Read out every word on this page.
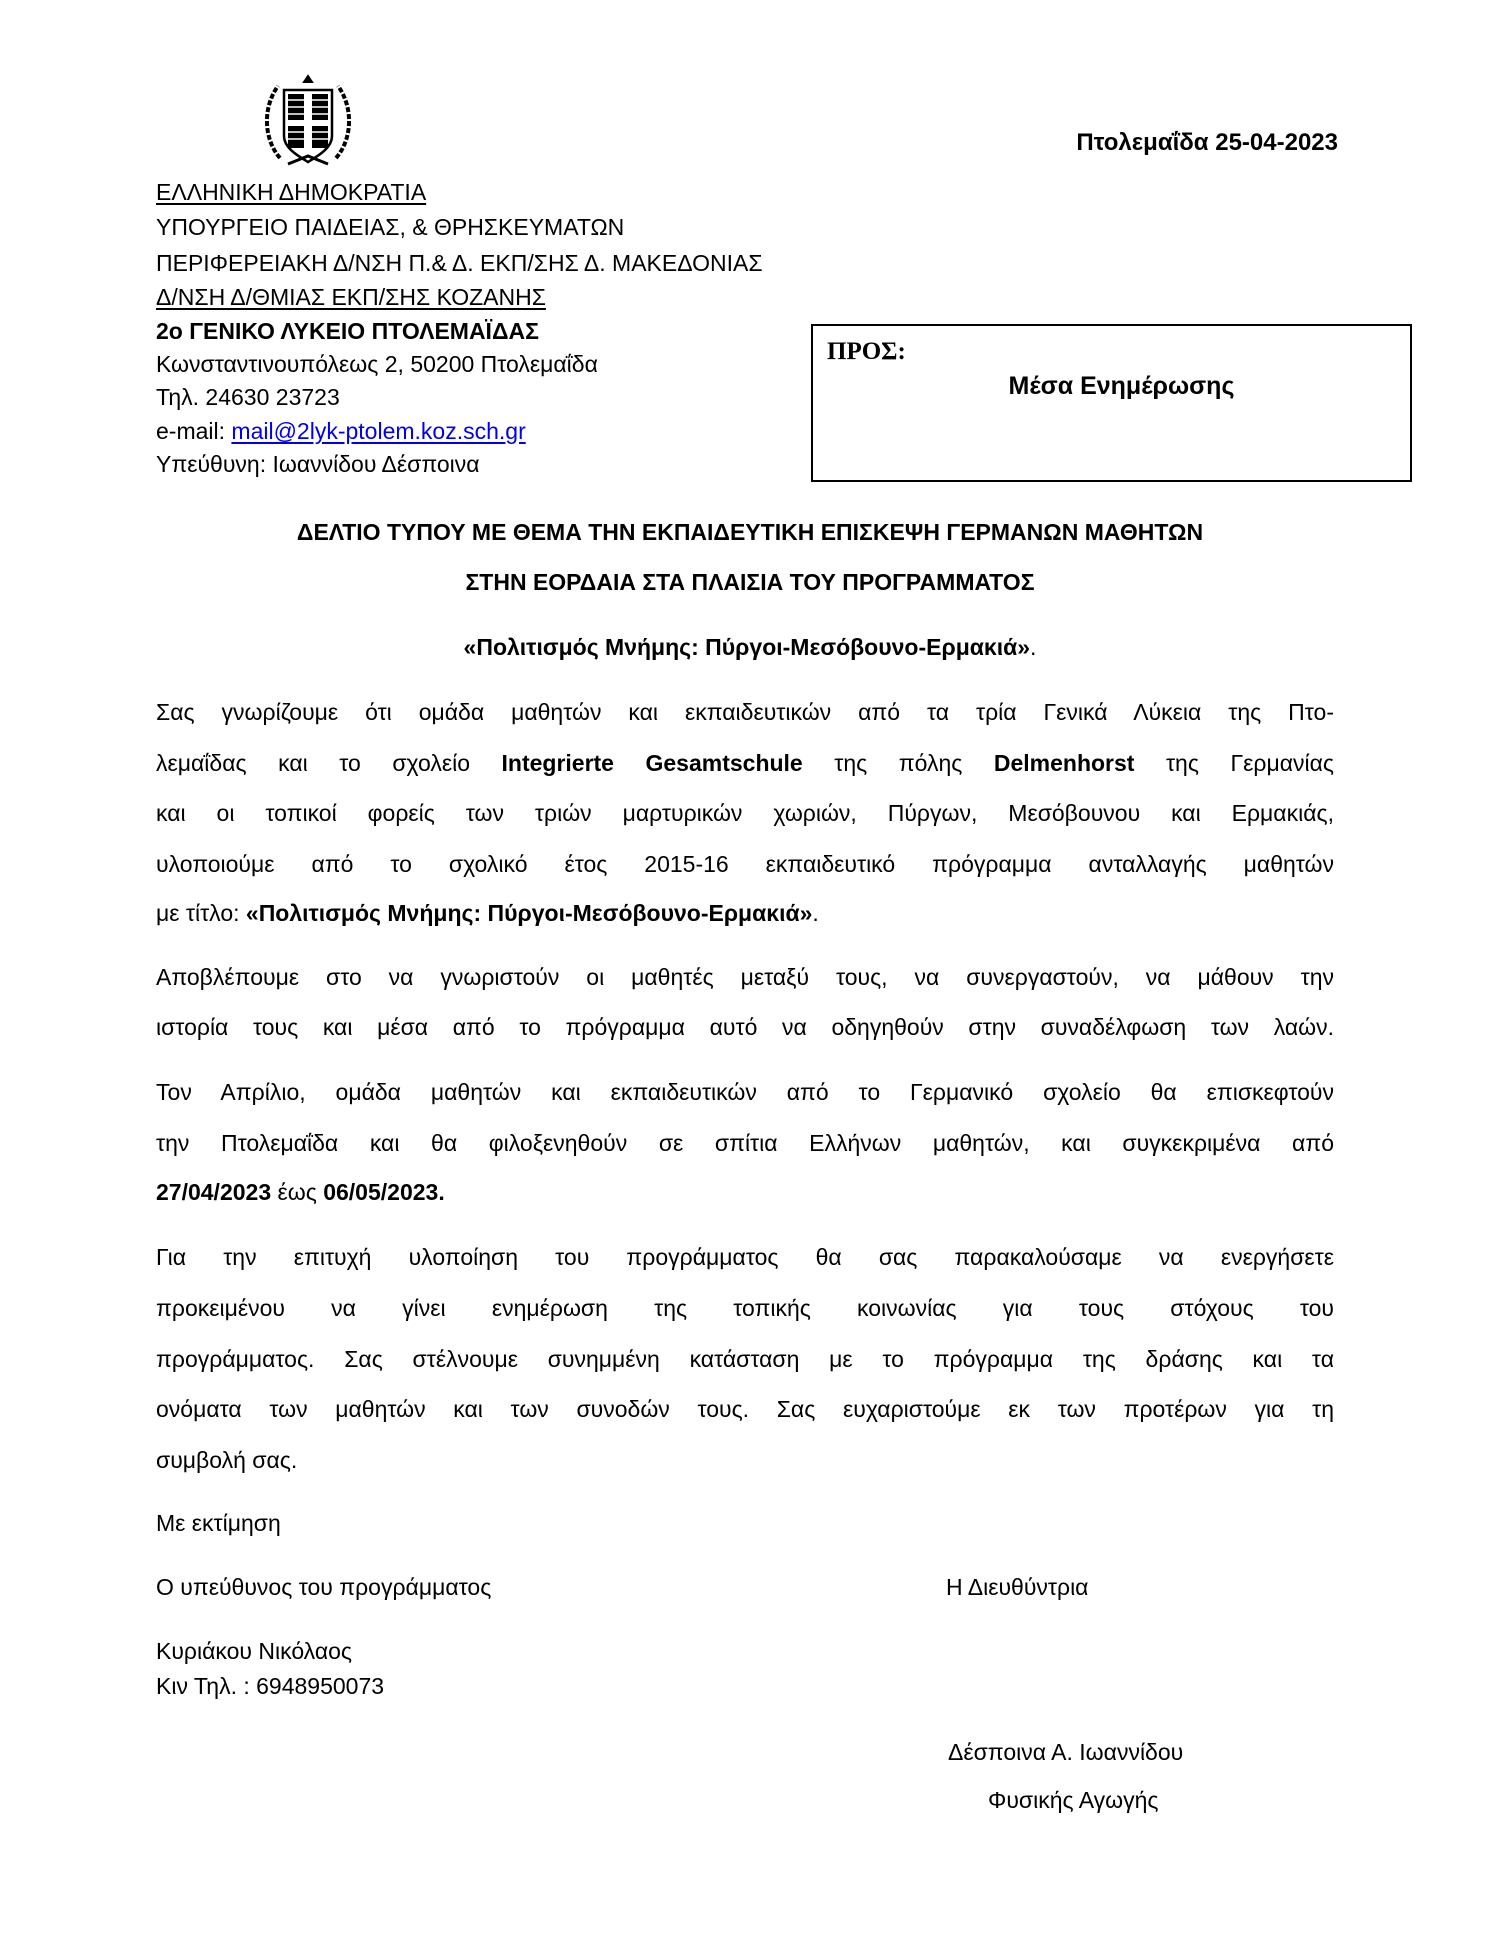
Πτολεμαΐδα 25-04-2023
ΕΛΛΗΝΙΚΗ ΔΗΜΟΚΡΑΤΙΑ
ΥΠΟΥΡΓΕΙΟ ΠΑΙΔΕΙΑΣ, & ΘΡΗΣΚΕΥΜΑΤΩΝ
ΠΕΡΙΦΕΡΕΙΑΚΗ Δ/ΝΣΗ Π.& Δ. ΕΚΠ/ΣΗΣ Δ. ΜΑΚΕΔΟΝΙΑΣ
Δ/ΝΣΗ Δ/ΘΜΙΑΣ ΕΚΠ/ΣΗΣ ΚΟΖΑΝΗΣ
2ο ΓΕΝΙΚΟ ΛΥΚΕΙΟ ΠΤΟΛΕΜΑΪΔΑΣ
Κωνσταντινουπόλεως 2, 50200 Πτολεμαΐδα
Τηλ. 24630 23723
e-mail: mail@2lyk-ptolem.koz.sch.gr
Υπεύθυνη: Ιωαννίδου Δέσποινα
ΠΡΟΣ:
Μέσα Ενημέρωσης
ΔΕΛΤΙΟ ΤΥΠΟΥ ΜΕ ΘΕΜΑ ΤΗΝ ΕΚΠΑΙΔΕΥΤΙΚΗ ΕΠΙΣΚΕΨΗ ΓΕΡΜΑΝΩΝ ΜΑΘΗΤΩΝ
ΣΤΗΝ ΕΟΡΔΑΙΑ ΣΤΑ ΠΛΑΙΣΙΑ ΤΟΥ ΠΡΟΓΡΑΜΜΑΤΟΣ
«Πολιτισμός Μνήμης: Πύργοι-Μεσόβουνο-Ερμακιά».
Σας γνωρίζουμε ότι ομάδα μαθητών και εκπαιδευτικών από τα τρία Γενικά Λύκεια της Πτο-
λεμαΐδας και το σχολείο Integrierte Gesamtschule της πόλης Delmenhorst της Γερμανίας
και οι τοπικοί φορείς των τριών μαρτυρικών χωριών, Πύργων, Μεσόβουνου και Ερμακιάς,
υλοποιούμε από το σχολικό έτος 2015-16 εκπαιδευτικό πρόγραμμα ανταλλαγής μαθητών
με τίτλο: «Πολιτισμός Μνήμης: Πύργοι-Μεσόβουνο-Ερμακιά».
Αποβλέπουμε στο να γνωριστούν οι μαθητές μεταξύ τους, να συνεργαστούν, να μάθουν την
ιστορία τους και μέσα από το πρόγραμμα αυτό να οδηγηθούν στην συναδέλφωση των λαών.
Τον Απρίλιο, ομάδα μαθητών και εκπαιδευτικών από το Γερμανικό σχολείο θα επισκεφτούν
την Πτολεμαΐδα και θα φιλοξενηθούν σε σπίτια Ελλήνων μαθητών, και συγκεκριμένα από
27/04/2023 έως 06/05/2023.
Για την επιτυχή υλοποίηση του προγράμματος θα σας παρακαλούσαμε να ενεργήσετε
προκειμένου να γίνει ενημέρωση της τοπικής κοινωνίας για τους στόχους του
προγράμματος. Σας στέλνουμε συνημμένη κατάσταση με το πρόγραμμα της δράσης και τα
ονόματα των μαθητών και των συνοδών τους. Σας ευχαριστούμε εκ των προτέρων για τη
συμβολή σας.
Με εκτίμηση
Ο υπεύθυνος του προγράμματος	Η Διευθύντρια
Κυριάκου Νικόλαος
Κιν Τηλ. : 6948950073
Δέσποινα Α. Ιωαννίδου
Φυσικής Αγωγής
